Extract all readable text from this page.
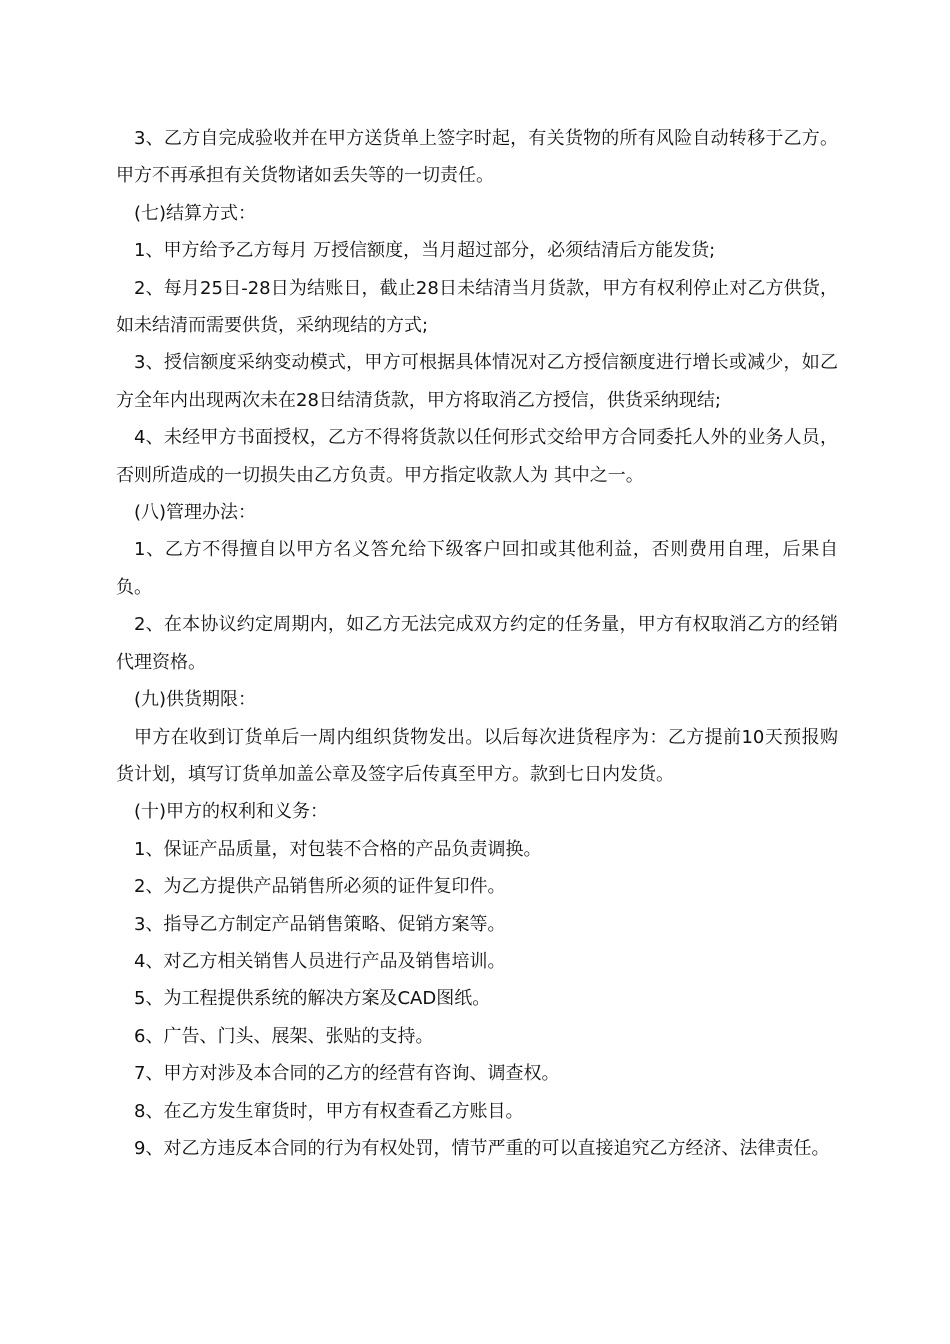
3、乙方自完成验收并在甲方送货单上签字时起，有关货物的所有风险自动转移于乙方。甲方不再承担有关货物诸如丢失等的一切责任。

(七)结算方式：

1、甲方给予乙方每月 万授信额度，当月超过部分，必须结清后方能发货;

2、每月25日-28日为结账日，截止28日未结清当月货款，甲方有权利停止对乙方供货，如未结清而需要供货，采纳现结的方式;

3、授信额度采纳变动模式，甲方可根据具体情况对乙方授信额度进行增长或减少，如乙方全年内出现两次未在28日结清货款，甲方将取消乙方授信，供货采纳现结;

4、未经甲方书面授权，乙方不得将货款以任何形式交给甲方合同委托人外的业务人员，否则所造成的一切损失由乙方负责。甲方指定收款人为 其中之一。

(八)管理办法：

1、乙方不得擅自以甲方名义答允给下级客户回扣或其他利益，否则费用自理，后果自负。

2、在本协议约定周期内，如乙方无法完成双方约定的任务量，甲方有权取消乙方的经销代理资格。

(九)供货期限：

甲方在收到订货单后一周内组织货物发出。以后每次进货程序为：乙方提前10天预报购货计划，填写订货单加盖公章及签字后传真至甲方。款到七日内发货。

(十)甲方的权利和义务：

1、保证产品质量，对包装不合格的产品负责调换。

2、为乙方提供产品销售所必须的证件复印件。

3、指导乙方制定产品销售策略、促销方案等。

4、对乙方相关销售人员进行产品及销售培训。

5、为工程提供系统的解决方案及CAD图纸。

6、广告、门头、展架、张贴的支持。

7、甲方对涉及本合同的乙方的经营有咨询、调查权。

8、在乙方发生窜货时，甲方有权查看乙方账目。

9、对乙方违反本合同的行为有权处罚，情节严重的可以直接追究乙方经济、法律责任。
